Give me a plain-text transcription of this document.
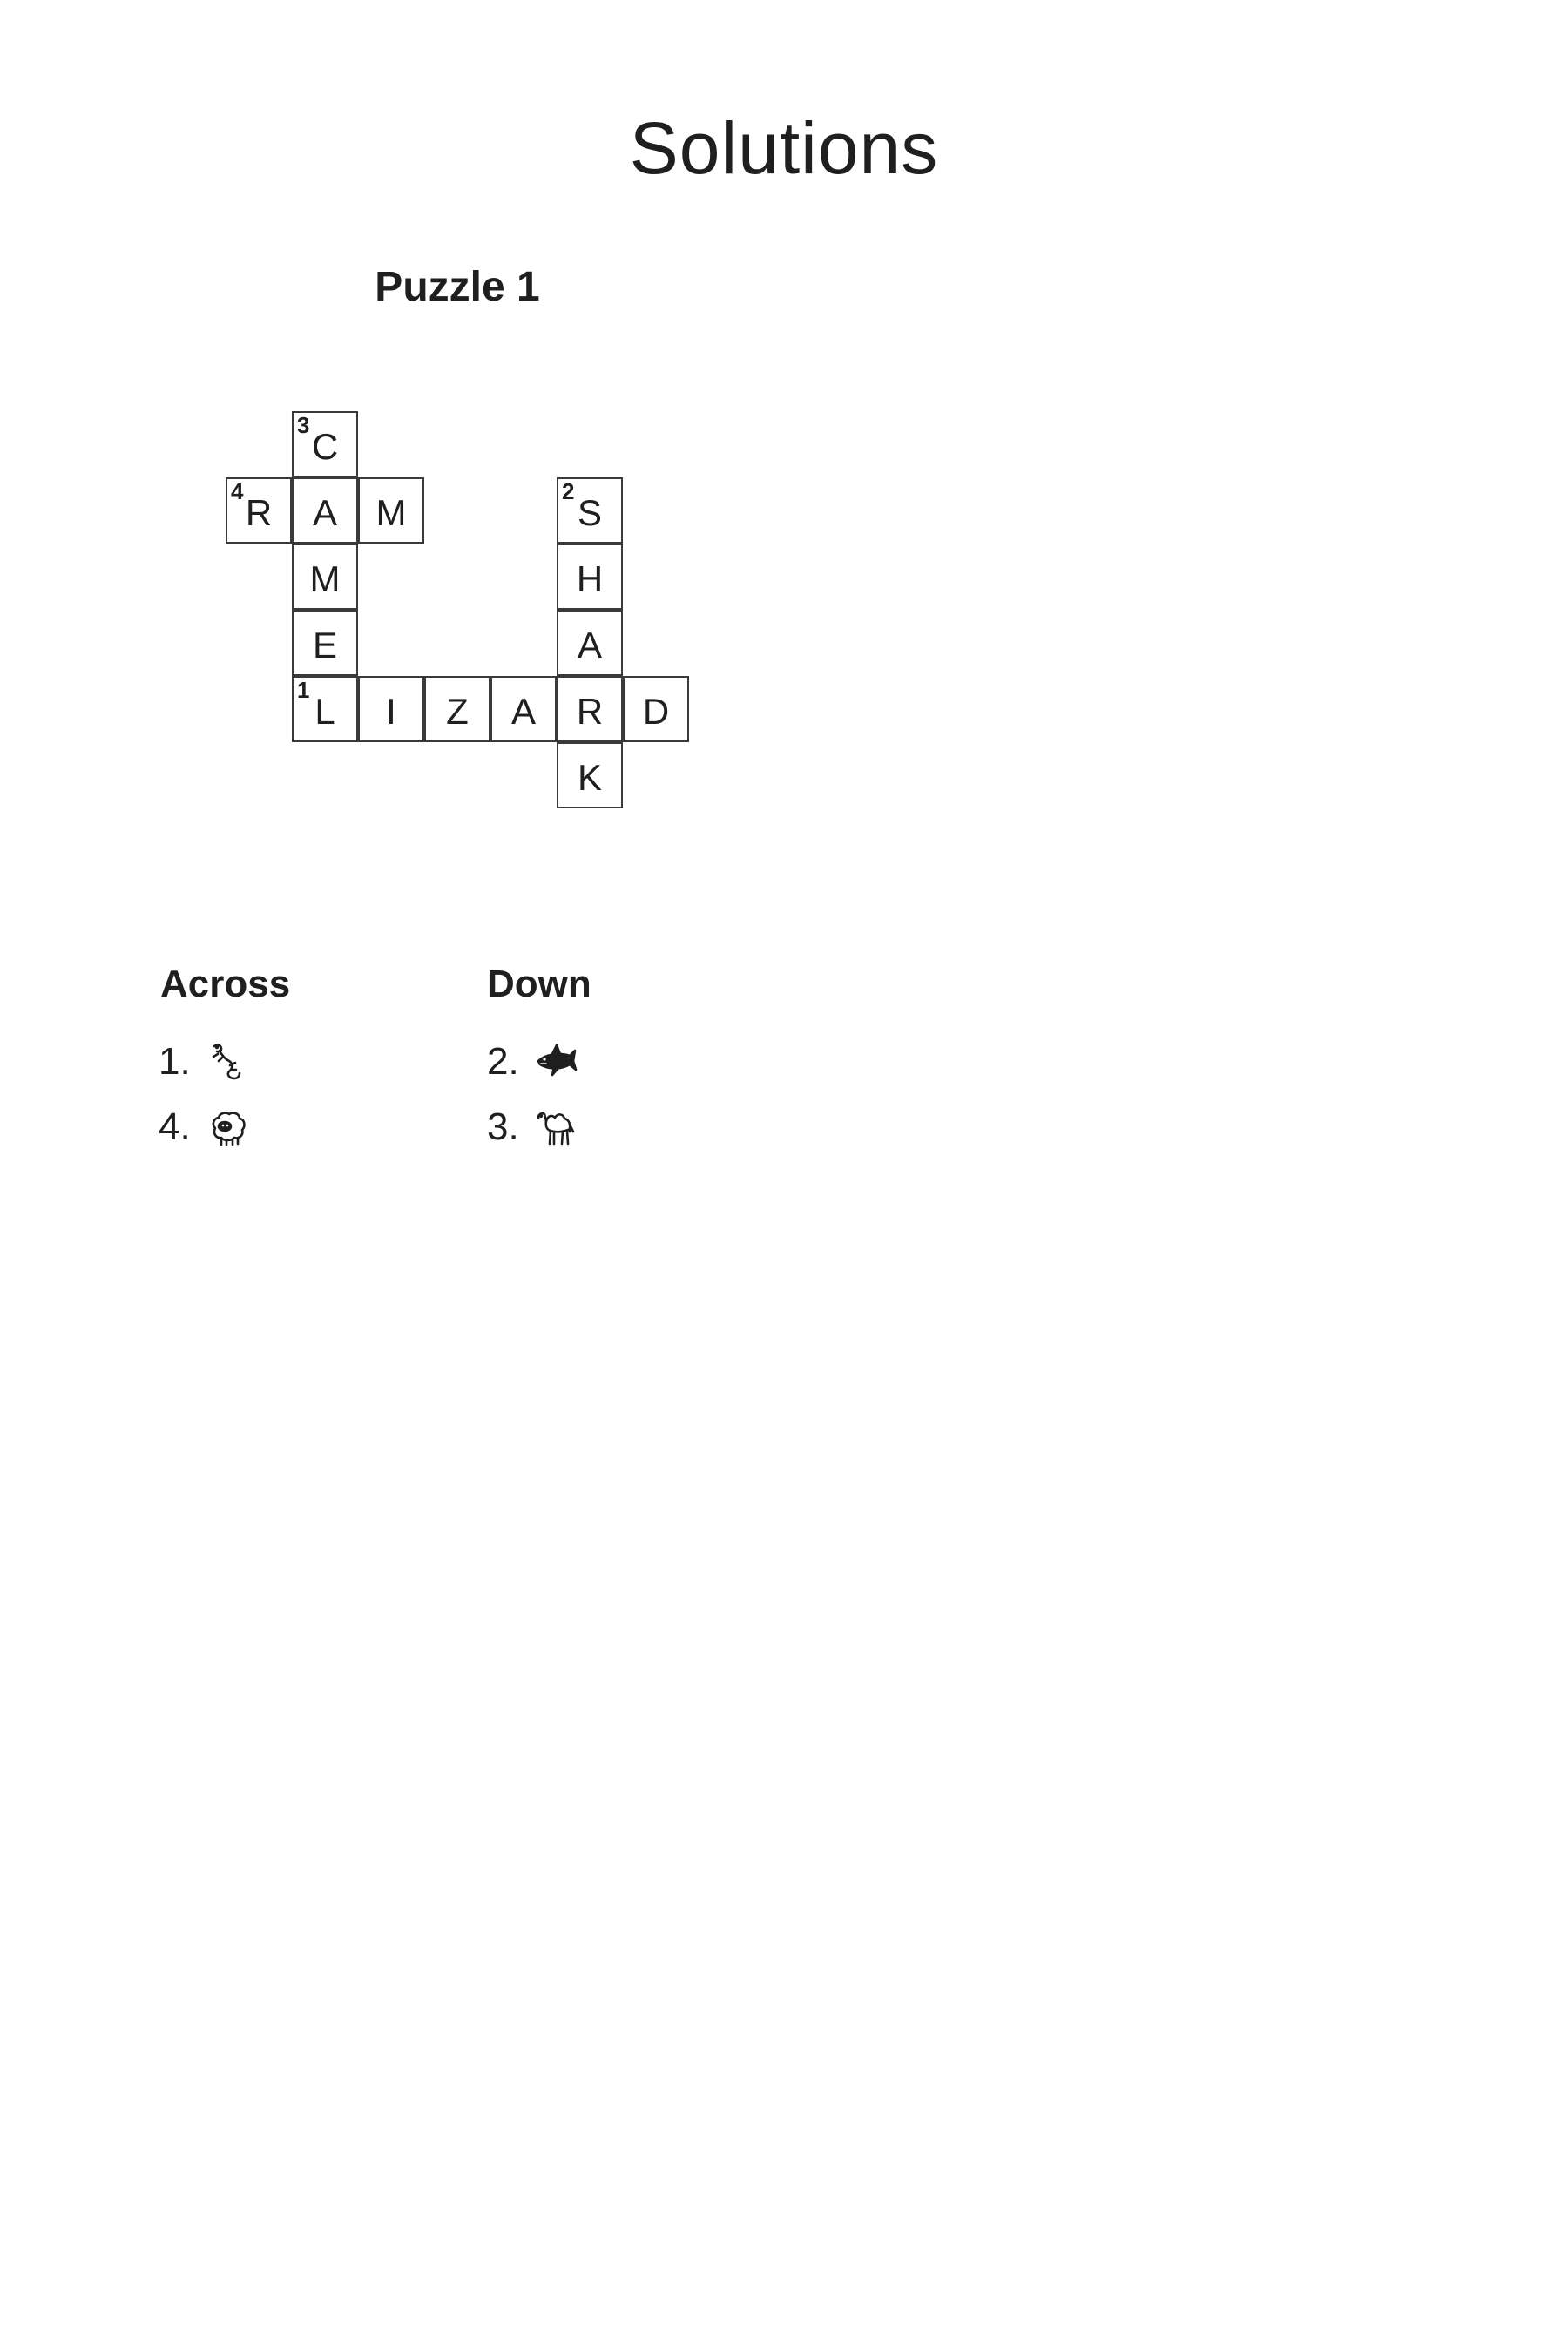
Solutions
Puzzle 1
3
C
4
R	A	M
2
S
M	H
E	A
1
L	I	Z	A	R	D
K
Across
1.
4.
Down
2.
3.
